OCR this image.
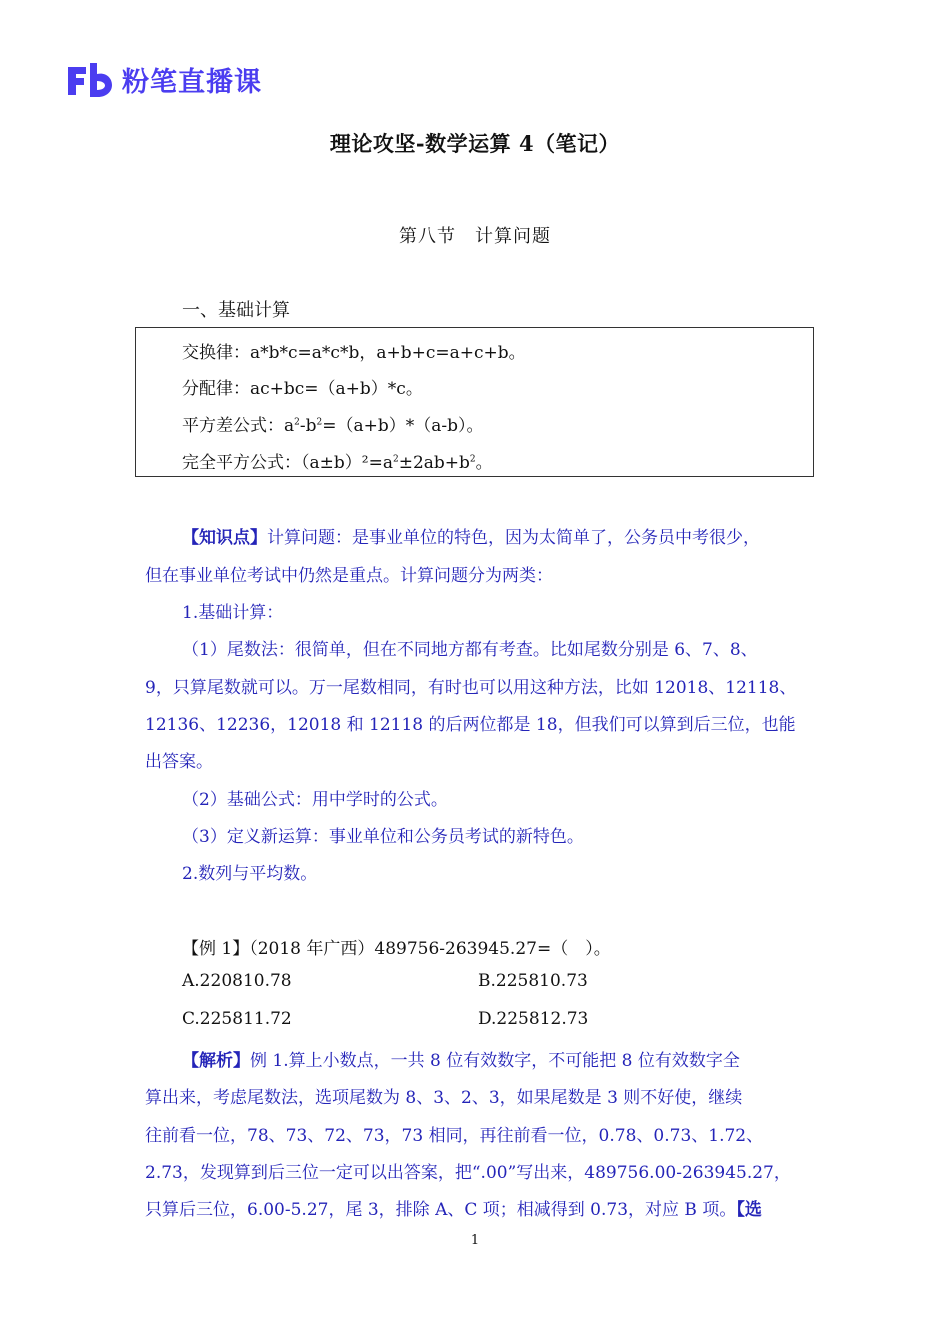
粉笔直播课
理论攻坚-数学运算 4（笔记）
第八节　计算问题
一、基础计算
交换律：a*b*c=a*c*b，a+b+c=a+c+b。
分配律：ac+bc=（a+b）*c。
平方差公式：$a^2-b^2=(a+b)*(a-b)$。
完全平方公式：$(a\pm b)^2=a^2\pm 2ab+b^2$。
【知识点】计算问题：是事业单位的特色，因为太简单了，公务员中考很少，
但在事业单位考试中仍然是重点。计算问题分为两类：
1.基础计算：
（1）尾数法：很简单，但在不同地方都有考查。比如尾数分别是 6、7、8、
9，只算尾数就可以。万一尾数相同，有时也可以用这种方法，比如 12018、12118、
12136、12236，12018 和 12118 的后两位都是 18，但我们可以算到后三位，也能
出答案。
（2）基础公式：用中学时的公式。
（3）定义新运算：事业单位和公务员考试的新特色。
2.数列与平均数。
【例 1】（2018 年广西）489756-263945.27=（　）。
A.220810.78	B.225810.73
C.225811.72	D.225812.73
【解析】例 1.算上小数点，一共 8 位有效数字，不可能把 8 位有效数字全
算出来，考虑尾数法，选项尾数为 8、3、2、3，如果尾数是 3 则不好使，继续
往前看一位，78、73、72、73，73 相同，再往前看一位，0.78、0.73、1.72、
2.73，发现算到后三位一定可以出答案，把“.00”写出来，489756.00-263945.27，
只算后三位，6.00-5.27，尾 3，排除 A、C 项；相减得到 0.73，对应 B 项。【选
1
